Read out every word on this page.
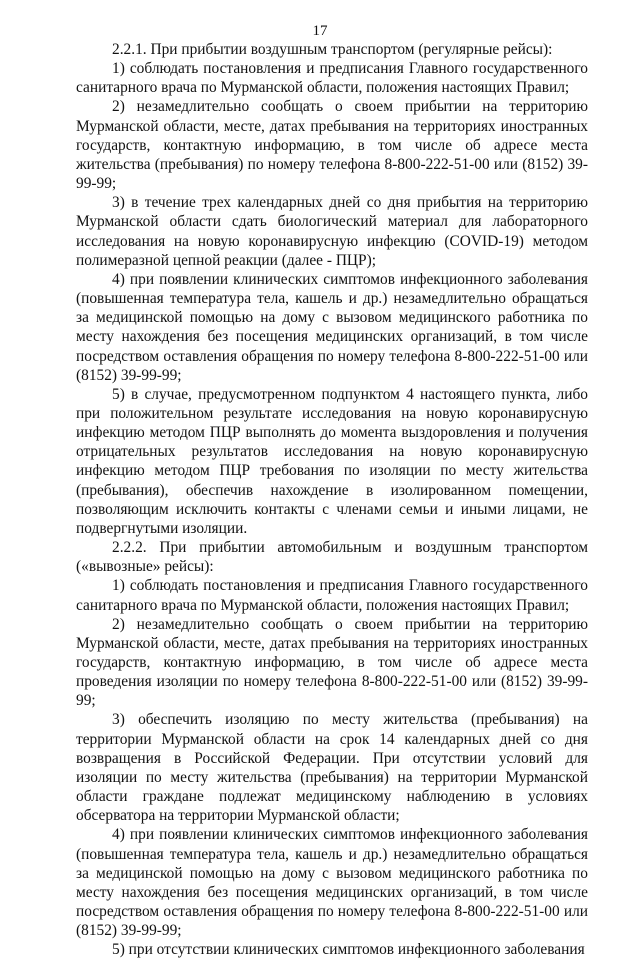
17

2.2.1. При прибытии воздушным транспортом (регулярные рейсы):

1) соблюдать постановления и предписания Главного государственного санитарного врача по Мурманской области, положения настоящих Правил;

2) незамедлительно сообщать о своем прибытии на территорию Мурманской области, месте, датах пребывания на территориях иностранных государств, контактную информацию, в том числе об адресе места жительства (пребывания) по номеру телефона 8-800-222-51-00 или (8152) 39-99-99;

3) в течение трех календарных дней со дня прибытия на территорию Мурманской области сдать биологический материал для лабораторного исследования на новую коронавирусную инфекцию (COVID-19) методом полимеразной цепной реакции (далее - ПЦР);

4) при появлении клинических симптомов инфекционного заболевания (повышенная температура тела, кашель и др.) незамедлительно обращаться за медицинской помощью на дому с вызовом медицинского работника по месту нахождения без посещения медицинских организаций, в том числе посредством оставления обращения по номеру телефона 8-800-222-51-00 или (8152) 39-99-99;

5) в случае, предусмотренном подпунктом 4 настоящего пункта, либо при положительном результате исследования на новую коронавирусную инфекцию методом ПЦР выполнять до момента выздоровления и получения отрицательных результатов исследования на новую коронавирусную инфекцию методом ПЦР требования по изоляции по месту жительства (пребывания), обеспечив нахождение в изолированном помещении, позволяющим исключить контакты с членами семьи и иными лицами, не подвергнутыми изоляции.

2.2.2. При прибытии автомобильным и воздушным транспортом («вывозные» рейсы):

1) соблюдать постановления и предписания Главного государственного санитарного врача по Мурманской области, положения настоящих Правил;

2) незамедлительно сообщать о своем прибытии на территорию Мурманской области, месте, датах пребывания на территориях иностранных государств, контактную информацию, в том числе об адресе места проведения изоляции по номеру телефона 8-800-222-51-00 или (8152) 39-99-99;

3) обеспечить изоляцию по месту жительства (пребывания) на территории Мурманской области на срок 14 календарных дней со дня возвращения в Российской Федерации. При отсутствии условий для изоляции по месту жительства (пребывания) на территории Мурманской области граждане подлежат медицинскому наблюдению в условиях обсерватора на территории Мурманской области;

4) при появлении клинических симптомов инфекционного заболевания (повышенная температура тела, кашель и др.) незамедлительно обращаться за медицинской помощью на дому с вызовом медицинского работника по месту нахождения без посещения медицинских организаций, в том числе посредством оставления обращения по номеру телефона 8-800-222-51-00 или (8152) 39-99-99;

5) при отсутствии клинических симптомов инфекционного заболевания
